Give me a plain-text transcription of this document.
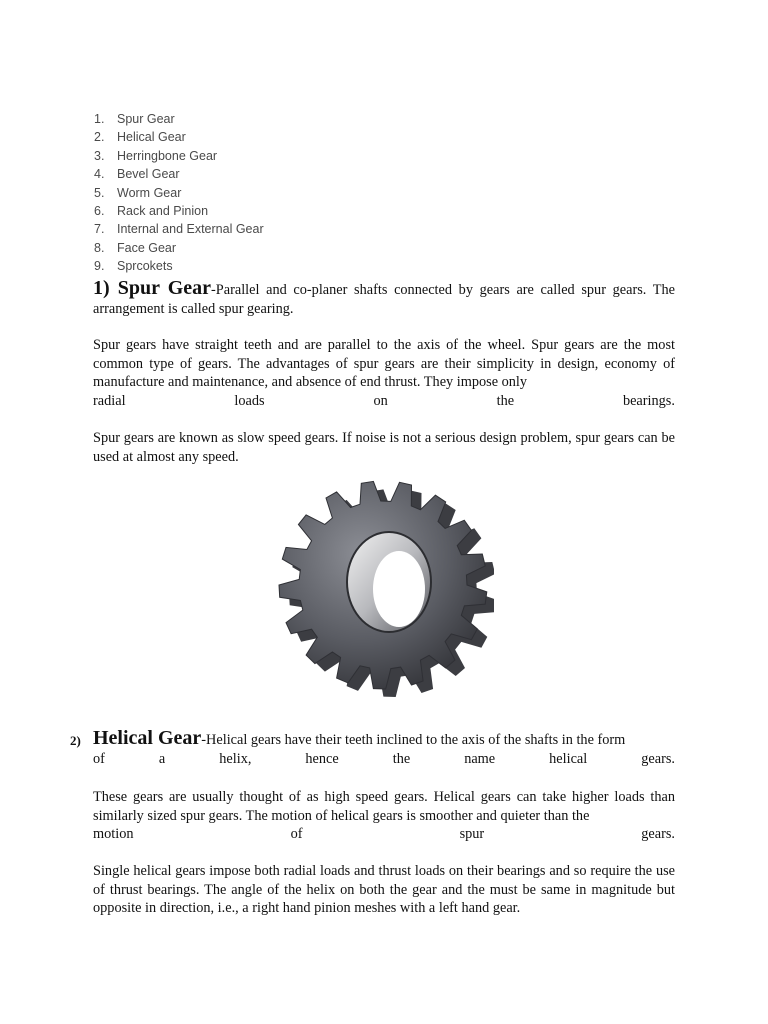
1. Spur Gear
2. Helical Gear
3. Herringbone Gear
4. Bevel Gear
5. Worm Gear
6. Rack and Pinion
7. Internal and External Gear
8. Face Gear
9. Sprcokets

1) Spur Gear-Parallel and co-planer shafts connected by gears are called spur gears. The arrangement is called spur gearing.

Spur gears have straight teeth and are parallel to the axis of the wheel. Spur gears are the most common type of gears. The advantages of spur gears are their simplicity in design, economy of manufacture and maintenance, and absence of end thrust. They impose only
radial	loads	on	the	bearings.

Spur gears are known as slow speed gears. If noise is not a serious design problem, spur gears can be used at almost any speed.

2) Helical Gear-Helical gears have their teeth inclined to the axis of the shafts in the form
of	a	helix,	hence	the	name	helical	gears.
These gears are usually thought of as high speed gears. Helical gears can take higher loads than similarly sized spur gears. The motion of helical gears is smoother and quieter than the
motion	of	spur	gears.

Single helical gears impose both radial loads and thrust loads on their bearings and so require the use of thrust bearings. The angle of the helix on both the gear and the must be same in magnitude but opposite in direction, i.e., a right hand pinion meshes with a left hand gear.
